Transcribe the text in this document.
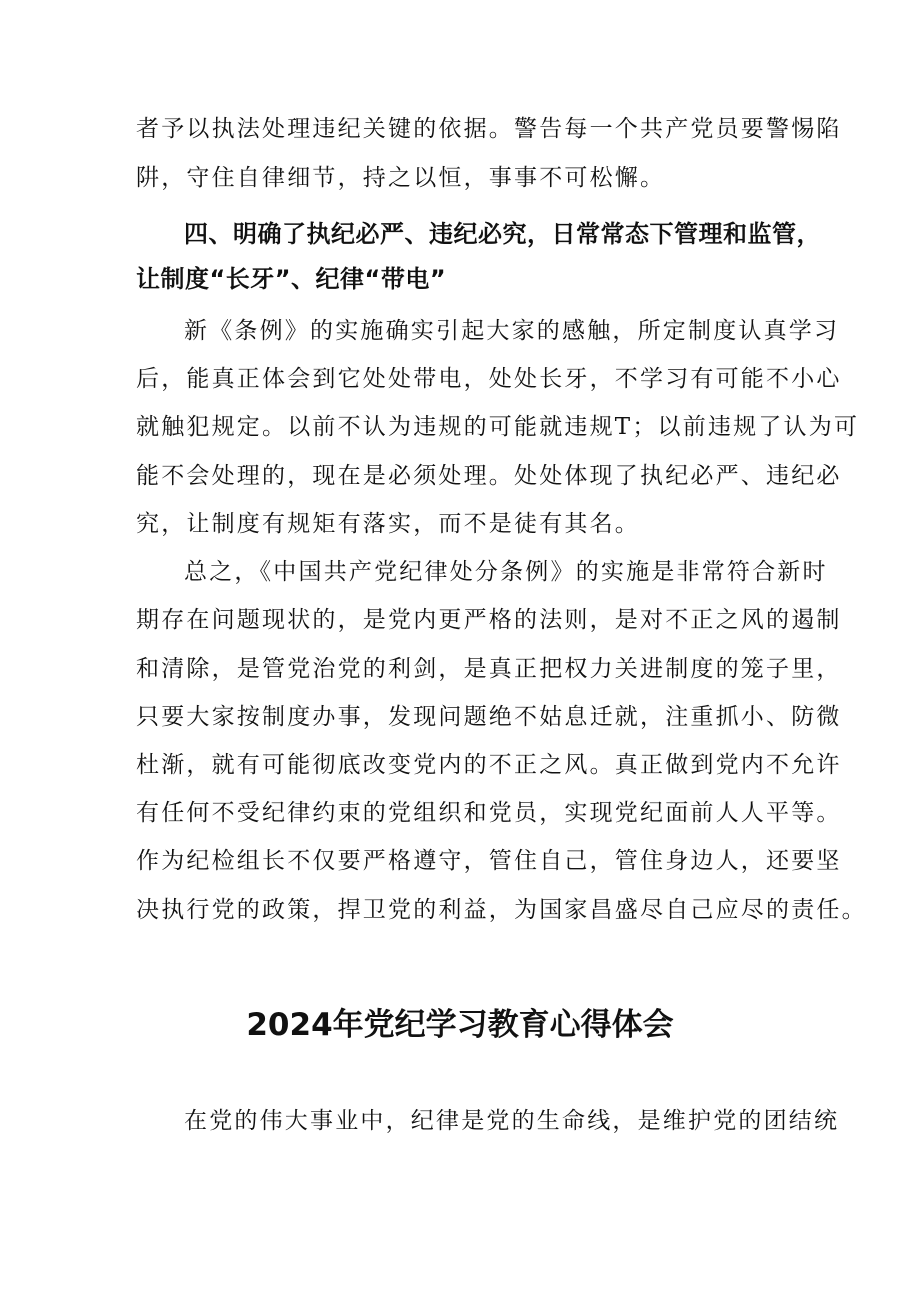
者予以执法处理违纪关键的依据。警告每一个共产党员要警惕陷

阱，守住自律细节，持之以恒，事事不可松懈。

四、明确了执纪必严、违纪必究，日常常态下管理和监管，

让制度“长牙”、纪律“带电”

新《条例》的实施确实引起大家的感触，所定制度认真学习

后，能真正体会到它处处带电，处处长牙，不学习有可能不小心

就触犯规定。以前不认为违规的可能就违规T；以前违规了认为可

能不会处理的，现在是必须处理。处处体现了执纪必严、违纪必

究，让制度有规矩有落实，而不是徒有其名。

总之，《中国共产党纪律处分条例》的实施是非常符合新时

期存在问题现状的，是党内更严格的法则，是对不正之风的遏制

和清除，是管党治党的利剑，是真正把权力关进制度的笼子里，

只要大家按制度办事，发现问题绝不姑息迁就，注重抓小、防微

杜渐，就有可能彻底改变党内的不正之风。真正做到党内不允许

有任何不受纪律约束的党组织和党员，实现党纪面前人人平等。

作为纪检组长不仅要严格遵守，管住自己，管住身边人，还要坚

决执行党的政策，捍卫党的利益，为国家昌盛尽自己应尽的责任。

2024年党纪学习教育心得体会

在党的伟大事业中，纪律是党的生命线，是维护党的团结统
